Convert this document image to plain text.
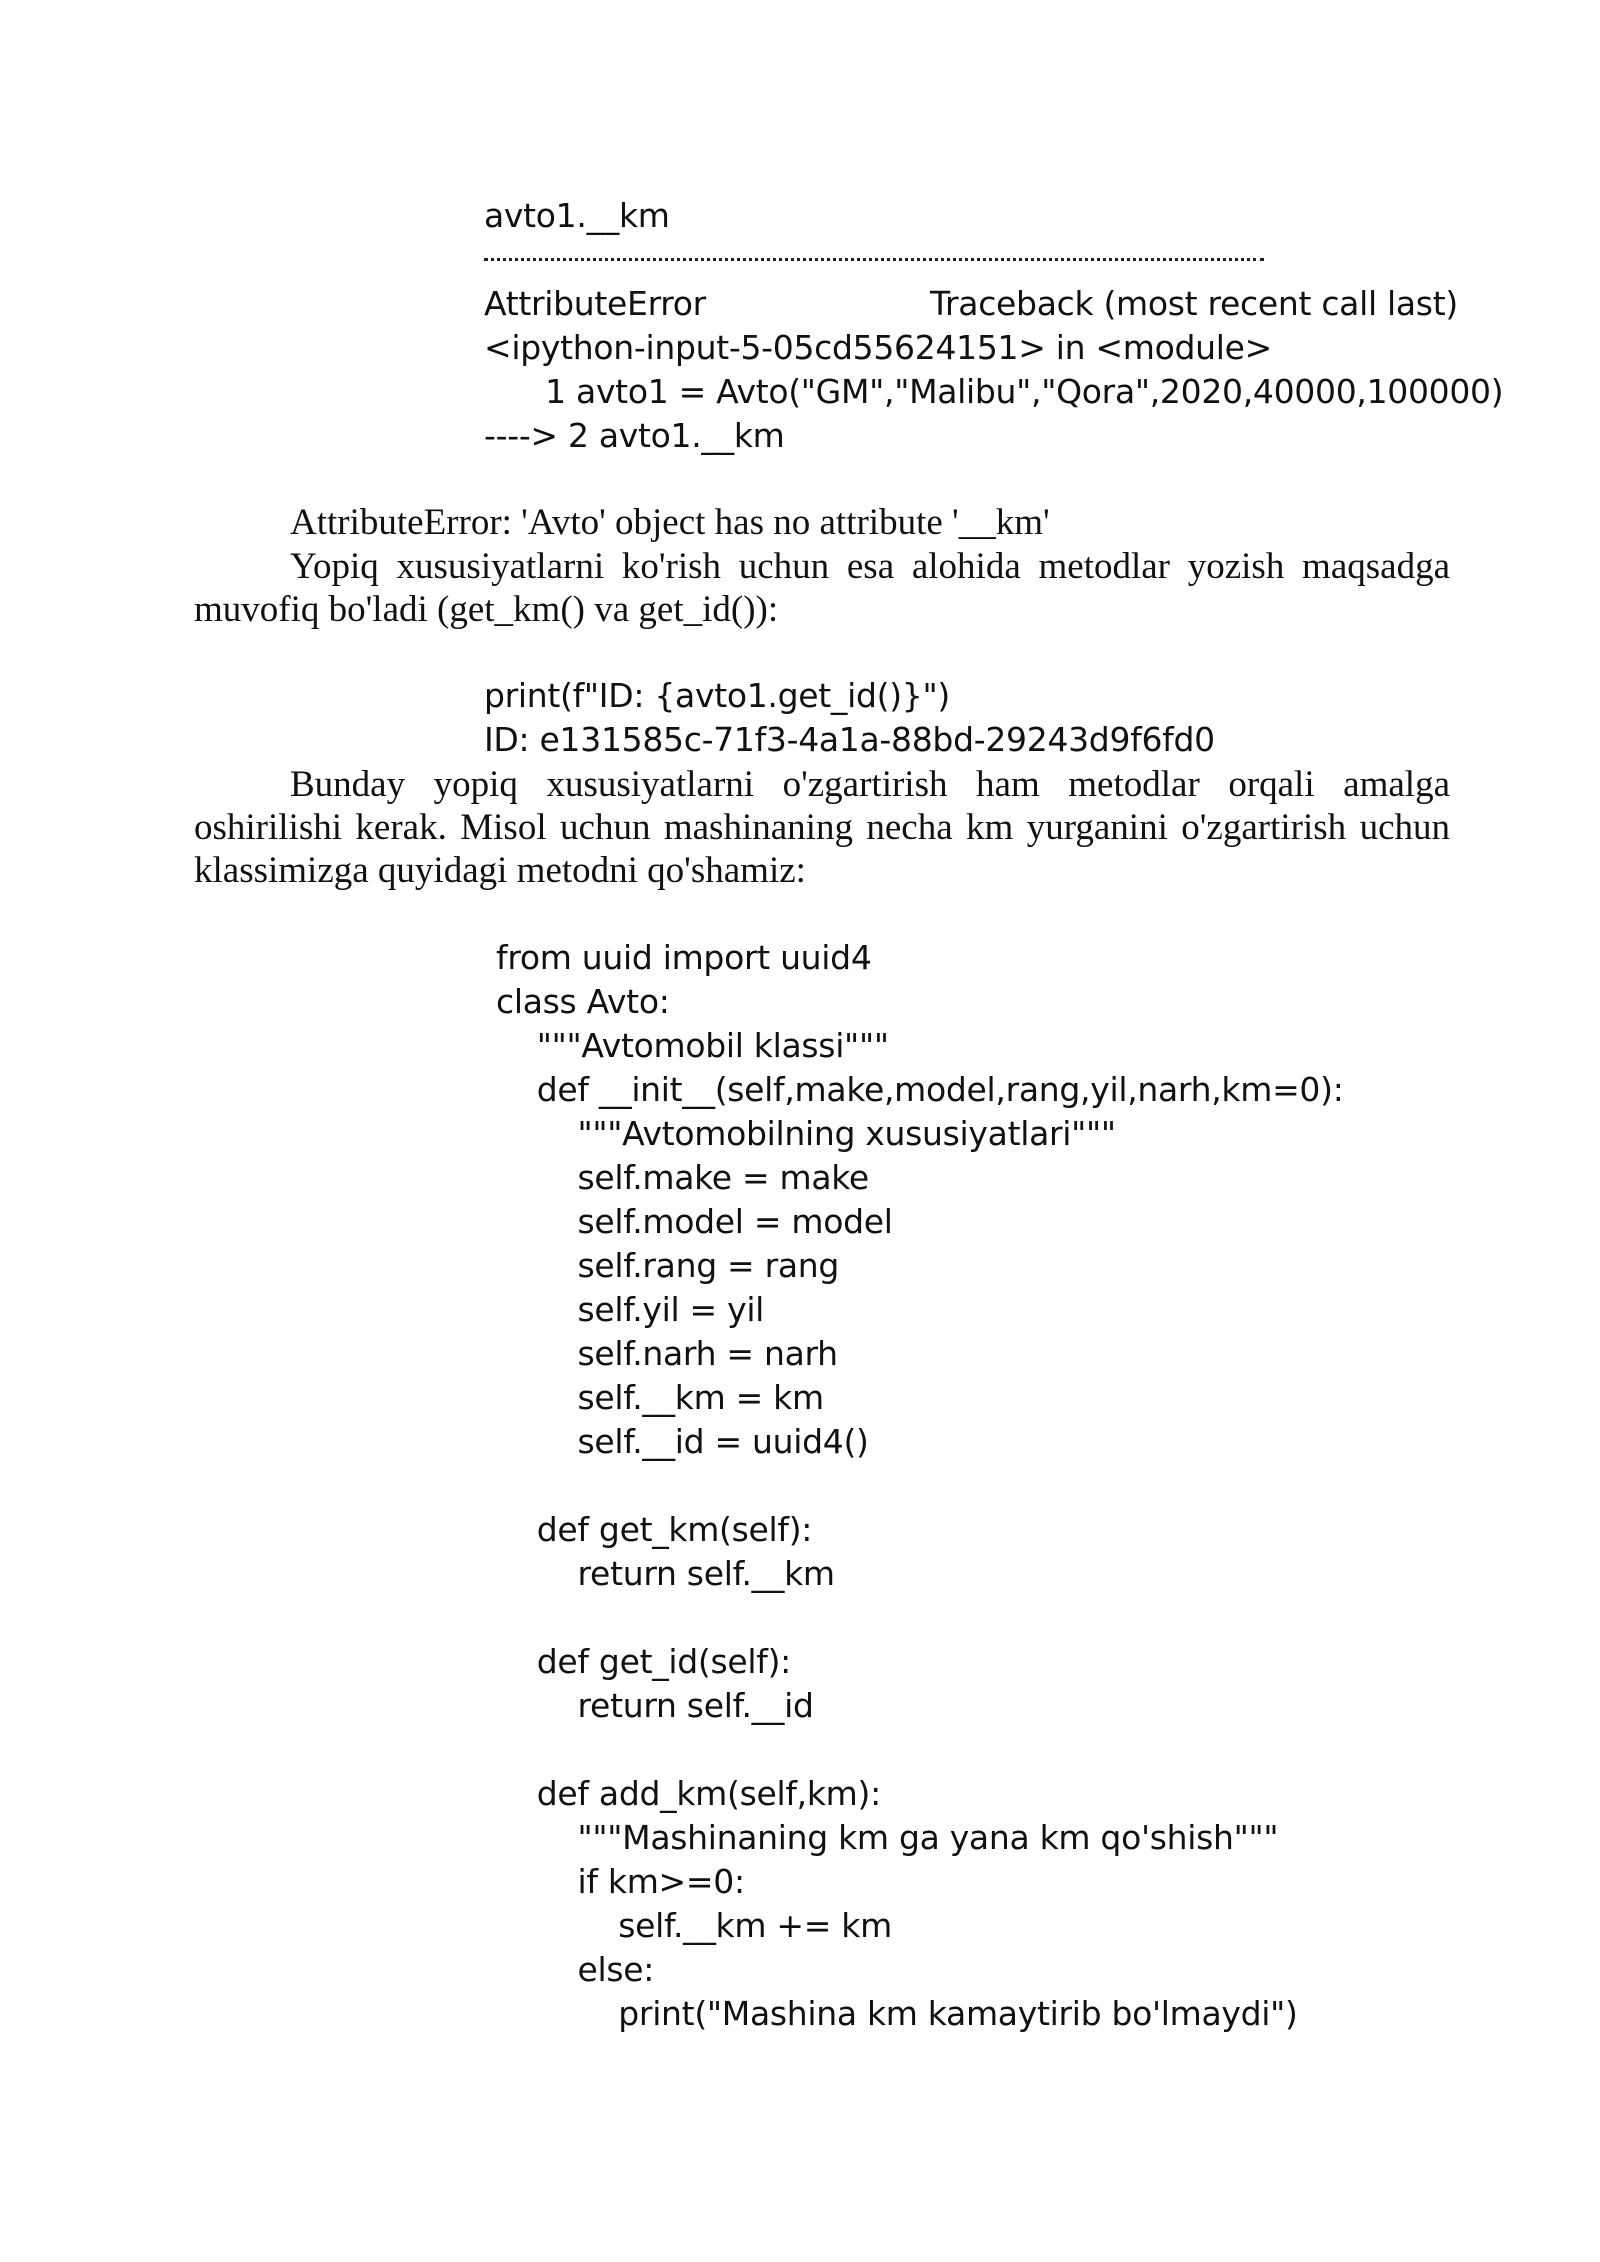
avto1.__km
AttributeError	Traceback (most recent call last)
<ipython-input-5-05cd55624151> in <module>
1 avto1 = Avto("GM","Malibu","Qora",2020,40000,100000)
----> 2 avto1.__km
AttributeError: 'Avto' object has no attribute '__km'
Yopiq xususiyatlarni ko'rish uchun esa alohida metodlar yozish maqsadga muvofiq bo'ladi (get_km() va get_id()):
print(f"ID: {avto1.get_id()}")
ID: e131585c-71f3-4a1a-88bd-29243d9f6fd0
Bunday yopiq xususiyatlarni o'zgartirish ham metodlar orqali amalga oshirilishi kerak. Misol uchun mashinaning necha km yurganini o'zgartirish uchun klassimizga quyidagi metodni qo'shamiz:
from uuid import uuid4
class Avto:
"""Avtomobil klassi"""
def __init__(self,make,model,rang,yil,narh,km=0):
"""Avtomobilning xususiyatlari"""
self.make = make
self.model = model
self.rang = rang
self.yil = yil
self.narh = narh
self.__km = km
self.__id = uuid4()
def get_km(self):
return self.__km
def get_id(self):
return self.__id
def add_km(self,km):
"""Mashinaning km ga yana km qo'shish"""
if km>=0:
self.__km += km
else:
print("Mashina km kamaytirib bo'lmaydi")
